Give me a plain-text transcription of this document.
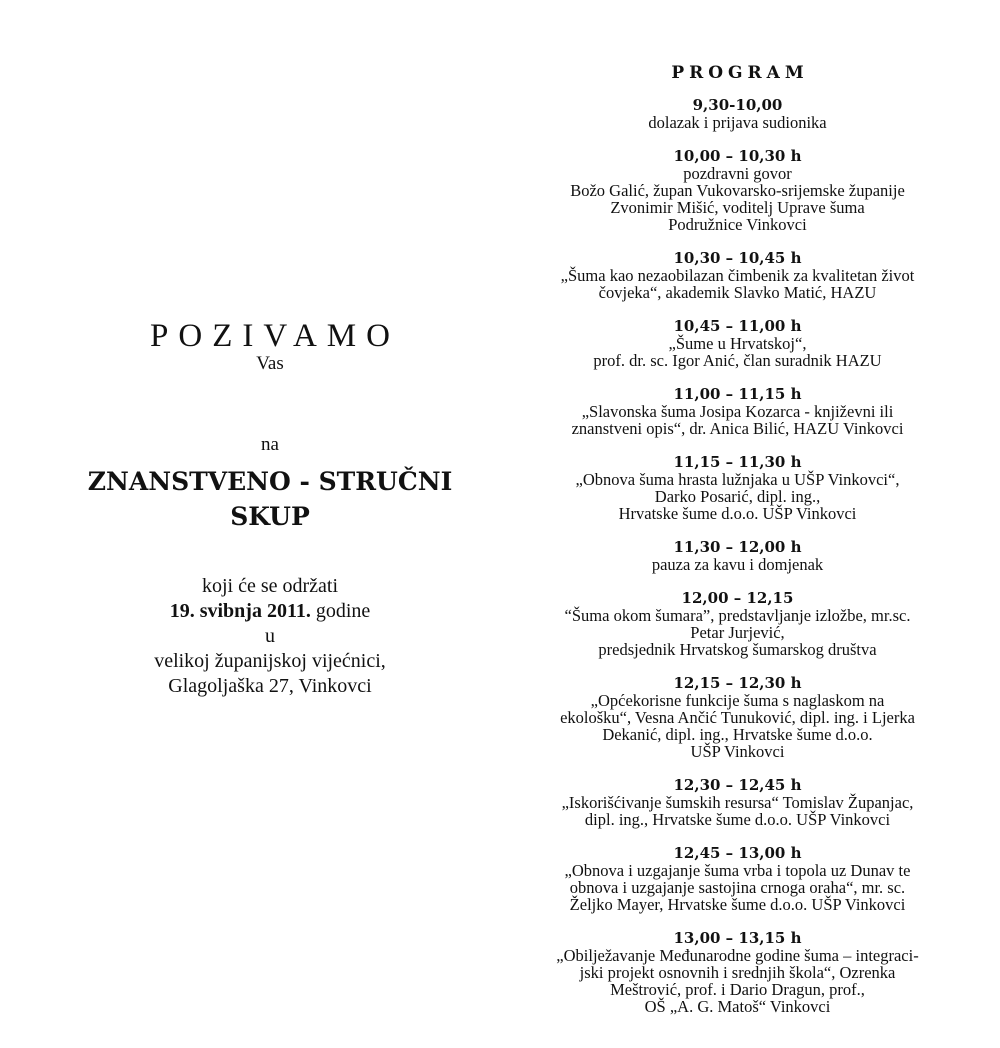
POZIVAMO
Vas
na
ZNANSTVENO - STRUČNI
SKUP
koji će se održati
19. svibnja 2011. godine
u
velikoj županijskoj vijećnici,
Glagoljaška 27, Vinkovci
PROGRAM
9,30-10,00
dolazak i prijava sudionika
10,00 – 10,30 h
pozdravni govor
Božo Galić, župan Vukovarsko-srijemske županije
Zvonimir Mišić, voditelj Uprave šuma
Podružnice Vinkovci
10,30 – 10,45 h
„Šuma kao nezaobilazan čimbenik za kvalitetan život
čovjeka“, akademik Slavko Matić, HAZU
10,45 – 11,00 h
„Šume u Hrvatskoj“,
prof. dr. sc. Igor Anić, član suradnik HAZU
11,00 – 11,15 h
„Slavonska šuma Josipa Kozarca - književni ili
znanstveni opis“, dr. Anica Bilić, HAZU Vinkovci
11,15 – 11,30 h
„Obnova šuma hrasta lužnjaka u UŠP Vinkovci“,
Darko Posarić, dipl. ing.,
Hrvatske šume d.o.o. UŠP Vinkovci
11,30 – 12,00 h
pauza za kavu i domjenak
12,00 – 12,15
“Šuma okom šumara”, predstavljanje izložbe, mr.sc.
Petar Jurjević,
predsjednik Hrvatskog šumarskog društva
12,15 – 12,30 h
„Općekorisne funkcije šuma s naglaskom na
ekološku“, Vesna Ančić Tunuković, dipl. ing. i Ljerka
Dekanić, dipl. ing., Hrvatske šume d.o.o.
UŠP Vinkovci
12,30 – 12,45 h
„Iskorišćivanje šumskih resursa“ Tomislav Županjac,
dipl. ing., Hrvatske šume d.o.o. UŠP Vinkovci
12,45 – 13,00 h
„Obnova i uzgajanje šuma vrba i topola uz Dunav te
obnova i uzgajanje sastojina crnoga oraha“, mr. sc.
Željko Mayer, Hrvatske šume d.o.o. UŠP Vinkovci
13,00 – 13,15 h
„Obilježavanje Međunarodne godine šuma – integraci-
jski projekt osnovnih i srednjih škola“, Ozrenka
Meštrović, prof. i Dario Dragun, prof.,
OŠ „A. G. Matoš“ Vinkovci
